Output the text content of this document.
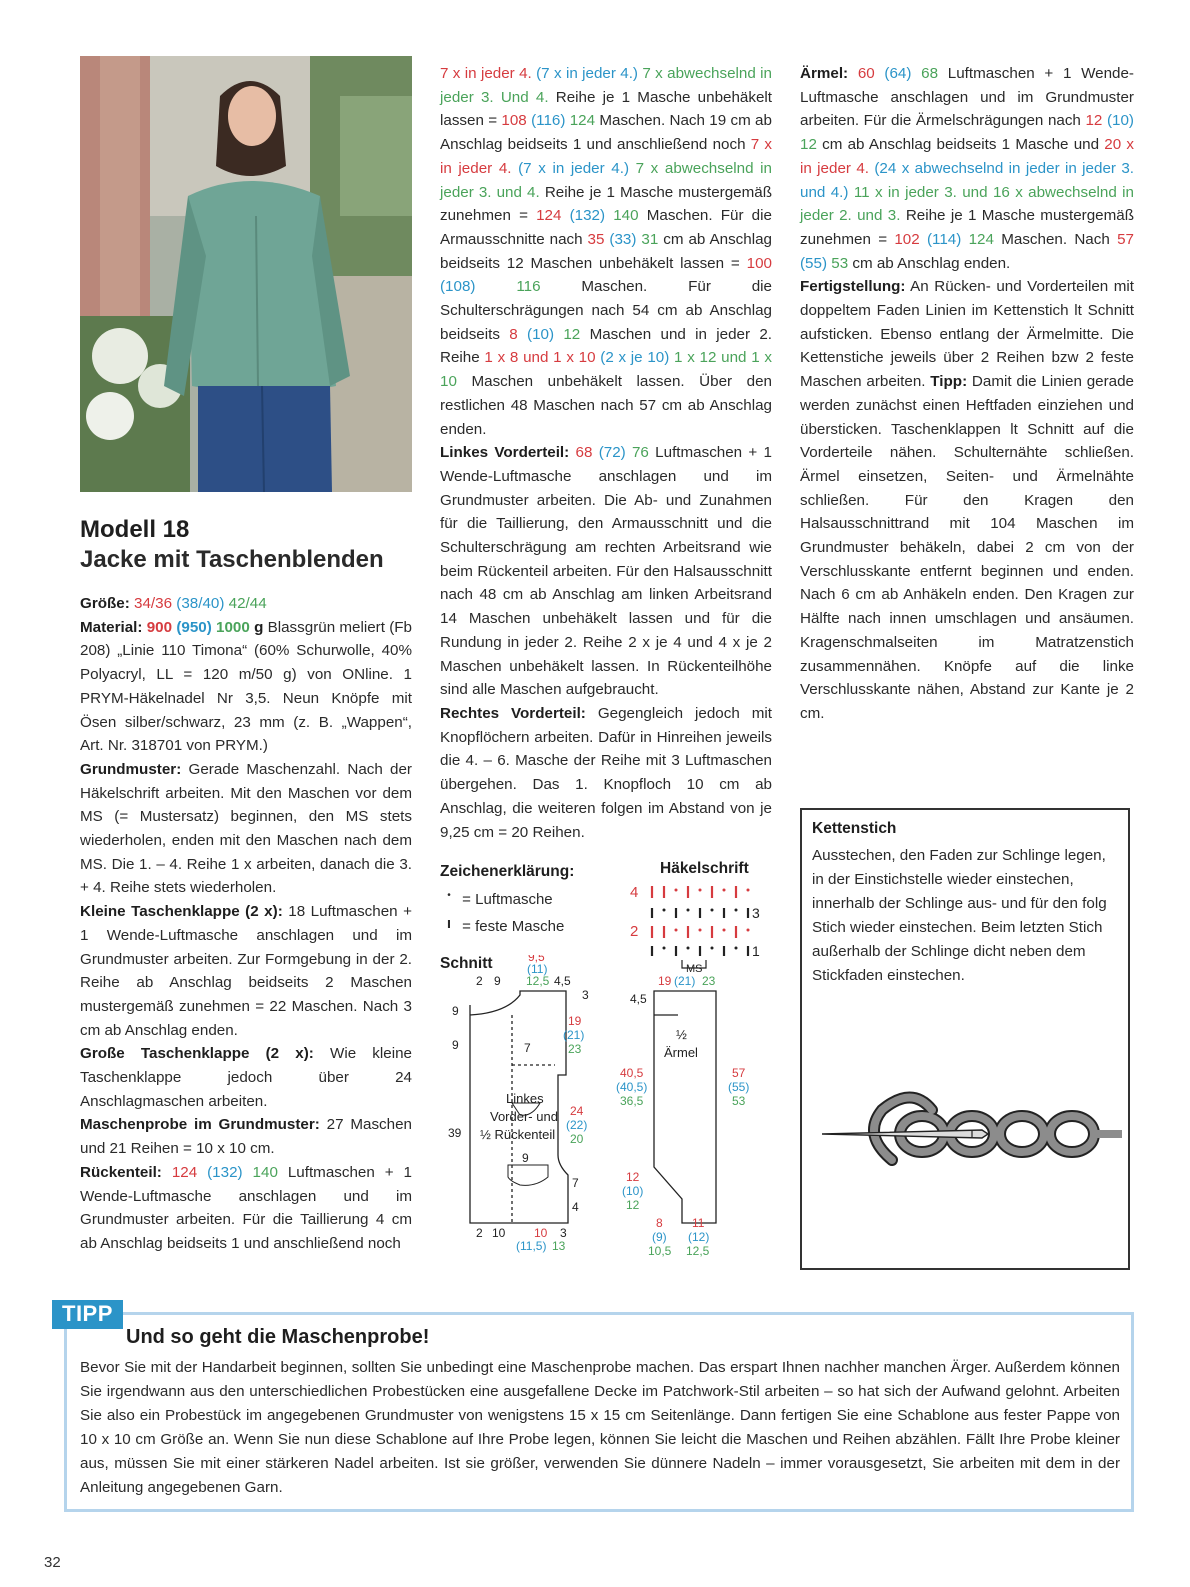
Modell 18
Jacke mit Taschenblenden

Größe: 34/36 (38/40) 42/44

Material: 900 (950) 1000 g Blassgrün meliert (Fb 208) „Linie 110 Timona“ (60% Schurwolle, 40% Polyacryl, LL = 120 m/50 g) von ONline. 1 PRYM-Häkelnadel Nr 3,5. Neun Knöpfe mit Ösen silber/schwarz, 23 mm (z. B. „Wappen“, Art. Nr. 318701 von PRYM.)

Grundmuster: Gerade Maschenzahl. Nach der Häkelschrift arbeiten. Mit den Maschen vor dem MS (= Mustersatz) beginnen, den MS stets wiederholen, enden mit den Maschen nach dem MS. Die 1. – 4. Reihe 1 x arbeiten, danach die 3. + 4. Reihe stets wiederholen.

Kleine Taschenklappe (2 x): 18 Luftmaschen + 1 Wende-Luftmasche anschlagen und im Grundmuster arbeiten. Zur Formgebung in der 2. Reihe ab Anschlag beidseits 2 Maschen mustergemäß zunehmen = 22 Maschen. Nach 3 cm ab Anschlag enden.

Große Taschenklappe (2 x): Wie kleine Taschenklappe jedoch über 24 Anschlagmaschen arbeiten.

Maschenprobe im Grundmuster: 27 Maschen und 21 Reihen = 10 x 10 cm.

Rückenteil: 124 (132) 140 Luftmaschen + 1 Wende-Luftmasche anschlagen und im Grundmuster arbeiten. Für die Taillierung 4 cm ab Anschlag beidseits 1 und anschließend noch

7 x in jeder 4. (7 x in jeder 4.) 7 x abwechselnd in jeder 3. Und 4. Reihe je 1 Masche unbehäkelt lassen = 108 (116) 124 Maschen. Nach 19 cm ab Anschlag beidseits 1 und anschließend noch 7 x in jeder 4. (7 x in jeder 4.) 7 x abwechselnd in jeder 3. und 4. Reihe je 1 Masche mustergemäß zunehmen = 124 (132) 140 Maschen. Für die Armausschnitte nach 35 (33) 31 cm ab Anschlag beidseits 12 Maschen unbehäkelt lassen = 100 (108)	116	Maschen. Für die Schulterschrägungen nach 54 cm ab Anschlag beidseits 8 (10) 12 Maschen und in jeder 2. Reihe 1 x 8 und 1 x 10 (2 x je 10) 1 x 12 und 1 x 10 Maschen unbehäkelt lassen. Über den restlichen 48 Maschen nach 57 cm ab Anschlag enden.

Linkes Vorderteil: 68 (72) 76 Luftmaschen + 1 Wende-Luftmasche anschlagen und im Grundmuster arbeiten. Die Ab- und Zunahmen für die Taillierung, den Armausschnitt und die Schulterschrägung am rechten Arbeitsrand wie beim Rückenteil arbeiten. Für den Halsausschnitt nach 48 cm ab Anschlag am linken Arbeitsrand 14 Maschen unbehäkelt lassen und für die Rundung in jeder 2. Reihe 2 x je 4 und 4 x je 2 Maschen unbehäkelt lassen. In Rückenteilhöhe sind alle Maschen aufgebraucht.

Rechtes Vorderteil: Gegengleich jedoch mit Knopflöchern arbeiten. Dafür in Hinreihen jeweils die 4. – 6. Masche der Reihe mit 3 Luftmaschen übergehen. Das 1. Knopfloch 10 cm ab Anschlag, die weiteren folgen im Abstand von je 9,25 cm = 20 Reihen.

Ärmel: 60 (64) 68 Luftmaschen + 1 Wende-Luftmasche anschlagen und im Grundmuster arbeiten. Für die Ärmelschrägungen nach 12 (10) 12 cm ab Anschlag beidseits 1 Masche und 20 x in jeder 4. (24 x abwechselnd in jeder in jeder 3. und 4.) 11 x in jeder 3. und 16 x abwechselnd in jeder 2. und 3. Reihe je 1 Masche mustergemäß zunehmen = 102 (114) 124 Maschen. Nach 57 (55) 53 cm ab Anschlag enden.

Fertigstellung: An Rücken- und Vorderteilen mit doppeltem Faden Linien im Kettenstich lt Schnitt aufsticken. Ebenso entlang der Ärmelmitte. Die Kettenstiche jeweils über 2 Reihen bzw 2 feste Maschen arbeiten. Tipp: Damit die Linien gerade werden zunächst einen Heftfaden einziehen und übersticken. Taschenklappen lt Schnitt auf die Vorderteile nähen. Schulternähte schließen. Ärmel einsetzen, Seiten- und Ärmelnähte schließen. Für den Kragen den Halsausschnittrand mit 104 Maschen im Grundmuster behäkeln, dabei 2 cm von der Verschlusskante entfernt beginnen und enden. Nach 6 cm ab Anhäkeln enden. Den Kragen zur Hälfte nach innen umschlagen und ansäumen. Kragenschmalseiten im Matratzenstich zusammennähen. Knöpfe auf die linke Verschlusskante nähen, Abstand zur Kante je 2 cm.

Zeichenerklärung:
• = Luftmasche
ı = feste Masche
Häkelschrift
4
3
2
1
MS
Schnitt	9,5
(11)
12,5
2 9	4,5
3
9
9
39
19
(21)
23
7
Linkes
Vorder- und
½ Rückenteil
24
(22)
20
9
7
4
2 10 10
(11,5) 13
3
4,5
19 (21) 23
½
Ärmel
40,5
(40,5)
36,5
57
(55)
53
12
(10)
12
8
(9)
10,5
11
(12)
12,5
Kettenstich
Ausstechen, den Faden zur Schlinge legen, in der Einstichstelle wieder einstechen, innerhalb der Schlinge aus- und für den folg Stich wieder einstechen. Beim letzten Stich außerhalb der Schlinge dicht neben dem Stickfaden einstechen.
TIPP
Und so geht die Maschenprobe!

Bevor Sie mit der Handarbeit beginnen, sollten Sie unbedingt eine Maschenprobe machen. Das erspart Ihnen nachher manchen Ärger. Außerdem können Sie irgendwann aus den unterschiedlichen Probestücken eine ausgefallene Decke im Patchwork-Stil arbeiten – so hat sich der Aufwand gelohnt. Arbeiten Sie also ein Probestück im angegebenen Grundmuster von wenigstens 15 x 15 cm Seitenlänge. Dann fertigen Sie eine Schablone aus fester Pappe von 10 x 10 cm Größe an. Wenn Sie nun diese Schablone auf Ihre Probe legen, können Sie leicht die Maschen und Reihen abzählen. Fällt Ihre Probe kleiner aus, müssen Sie mit einer stärkeren Nadel arbeiten. Ist sie größer, verwenden Sie dünnere Nadeln – immer vorausgesetzt, Sie arbeiten mit dem in der Anleitung angegebenen Garn.

32
